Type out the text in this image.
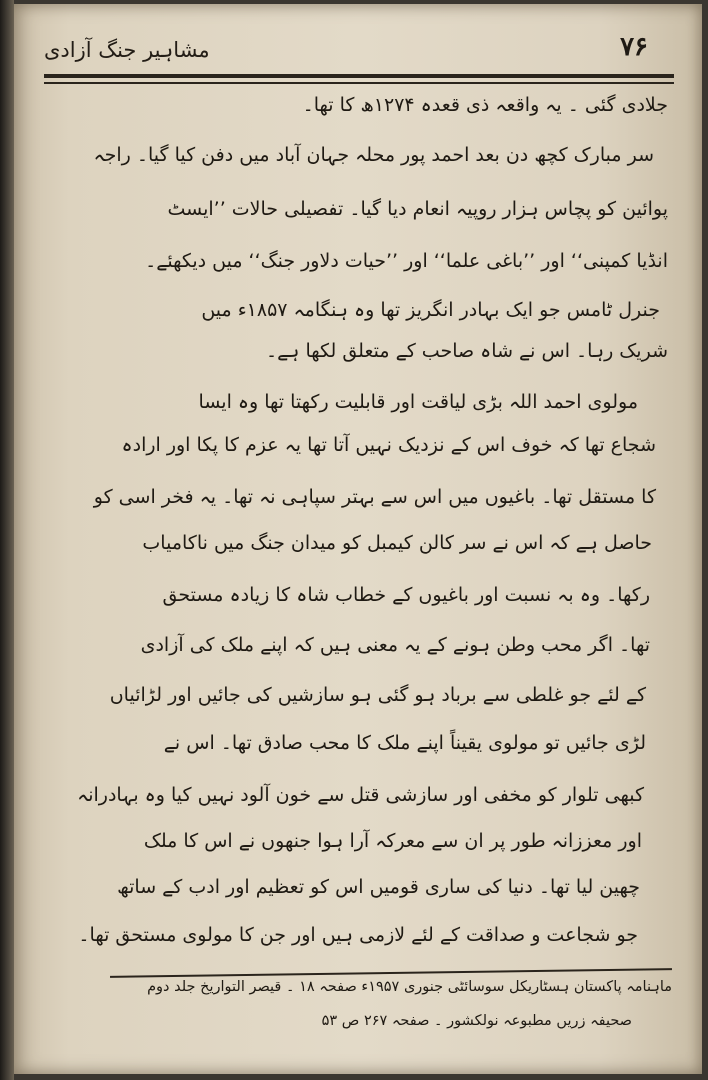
۷۶
مشاہیر جنگ آزادی
جلادی گئی ۔ یہ واقعہ ذی قعدہ ۱۲۷۴ھ کا تھا۔
سر مبارک کچھ دن بعد احمد پور محلہ جہان آباد میں دفن کیا گیا۔ راجہ
پوائین کو پچاس ہزار روپیہ انعام دیا گیا۔ تفصیلی حالات ’’ایسٹ
انڈیا کمپنی‘‘ اور ’’باغی علما‘‘ اور ’’حیات دلاور جنگ‘‘ میں دیکھئے۔
جنرل ٹامس جو ایک بہادر انگریز تھا وہ ہنگامہ ۱۸۵۷ء میں
شریک رہا۔ اس نے شاہ صاحب کے متعلق لکھا ہے۔
مولوی احمد اللہ بڑی لیاقت اور قابلیت رکھتا تھا وہ ایسا
شجاع تھا کہ خوف اس کے نزدیک نہیں آتا تھا یہ عزم کا پکا اور ارادہ
کا مستقل تھا۔ باغیوں میں اس سے بہتر سپاہی نہ تھا۔ یہ فخر اسی کو
حاصل ہے کہ اس نے سر کالن کیمبل کو میدان جنگ میں ناکامیاب
رکھا۔ وہ بہ نسبت اور باغیوں کے خطاب شاہ کا زیادہ مستحق
تھا۔ اگر محب وطن ہونے کے یہ معنی ہیں کہ اپنے ملک کی آزادی
کے لئے جو غلطی سے برباد ہو گئی ہو سازشیں کی جائیں اور لڑائیاں
لڑی جائیں تو مولوی یقیناً اپنے ملک کا محب صادق تھا۔ اس نے
کبھی تلوار کو مخفی اور سازشی قتل سے خون آلود نہیں کیا وہ بہادرانہ
اور معززانہ طور پر ان سے معرکہ آرا ہوا جنھوں نے اس کا ملک
چھین لیا تھا۔ دنیا کی ساری قومیں اس کو تعظیم اور ادب کے ساتھ
جو شجاعت و صداقت کے لئے لازمی ہیں اور جن کا مولوی مستحق تھا۔
ماہنامہ پاکستان ہسٹاریکل سوسائٹی جنوری ۱۹۵۷ء صفحہ ۱۸ ۔ قیصر التواریخ جلد دوم
صحیفہ زریں مطبوعہ نولکشور ۔ صفحہ ۲۶۷ ص ۵۳
